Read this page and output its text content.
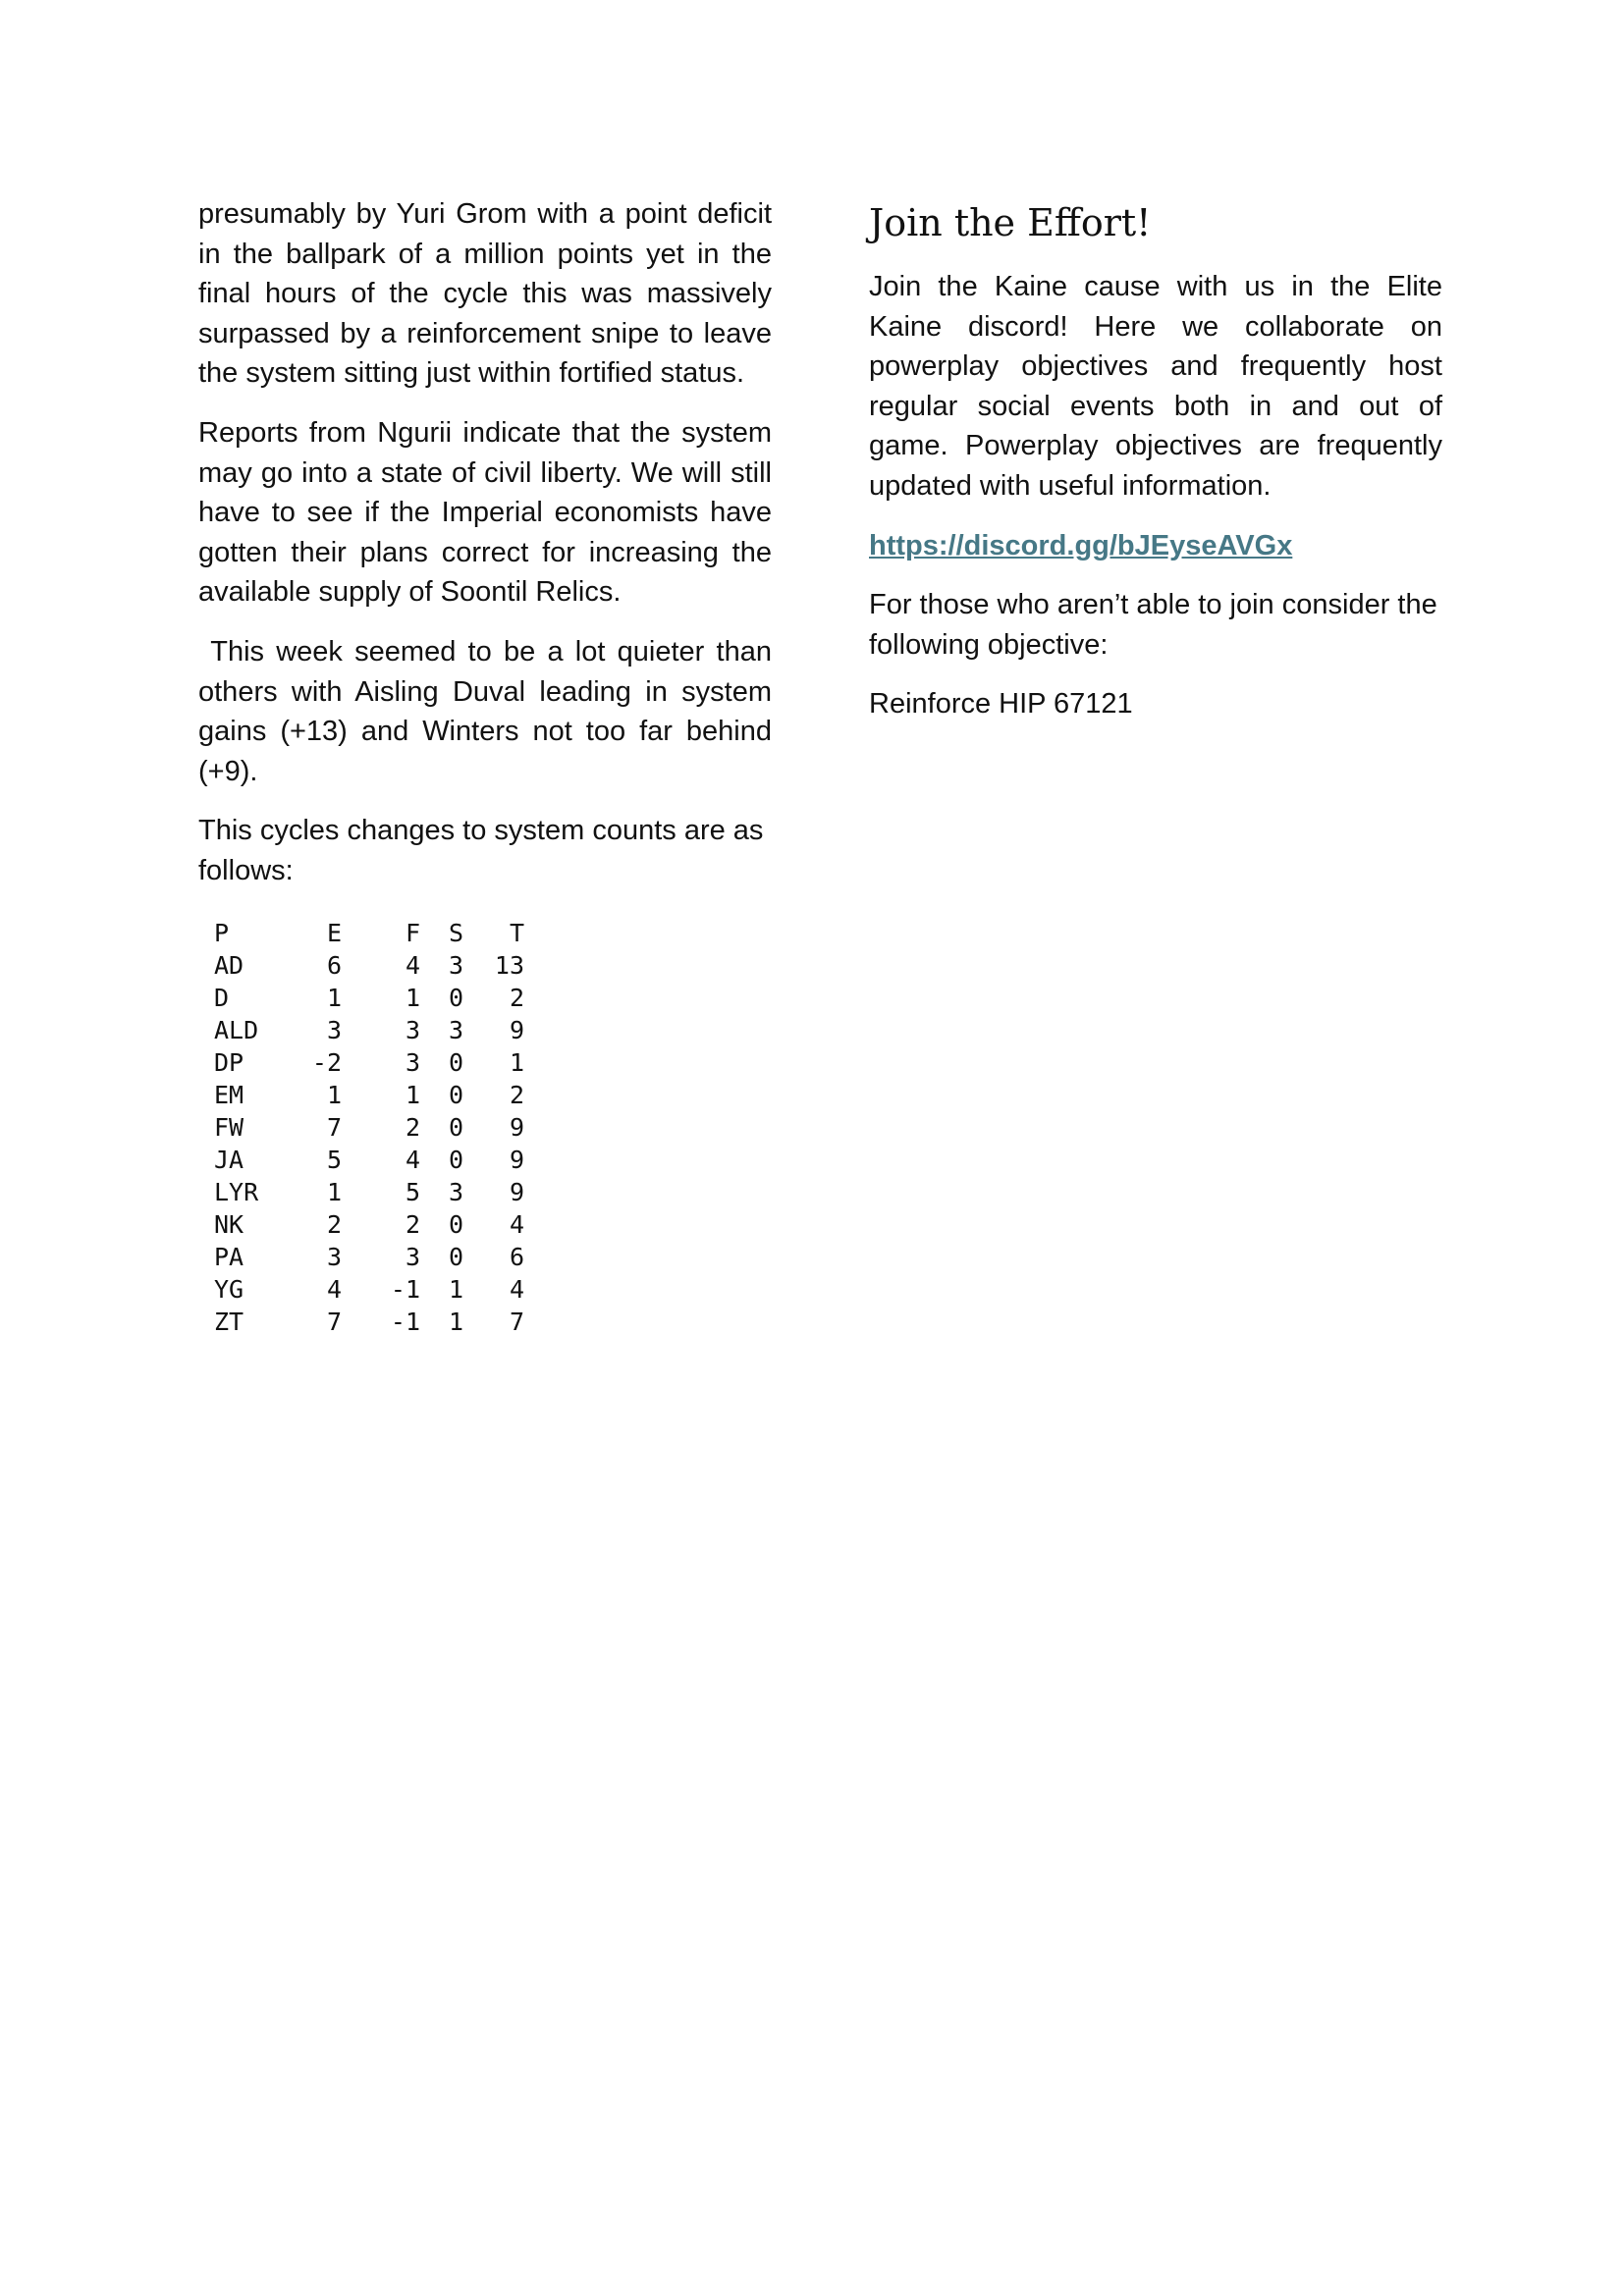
presumably by Yuri Grom with a point deficit in the ballpark of a million points yet in the final hours of the cycle this was massively surpassed by a reinforcement snipe to leave the system sitting just within fortified status.

Reports from Ngurii indicate that the system may go into a state of civil liberty. We will still have to see if the Imperial economists have gotten their plans correct for increasing the available supply of Soontil Relics.

This week seemed to be a lot quieter than others with Aisling Duval leading in system gains (+13) and Winters not too far behind (+9).

This cycles changes to system counts are as follows:

P	E	F	S	T
AD	6	4	3	13
D	1	1	0	2
ALD	3	3	3	9
DP	-2	3	0	1
EM	1	1	0	2
FW	7	2	0	9
JA	5	4	0	9
LYR	1	5	3	9
NK	2	2	0	4
PA	3	3	0	6
YG	4	-1	1	4
ZT	7	-1	1	7
Join the Effort!

Join the Kaine cause with us in the Elite Kaine discord! Here we collaborate on powerplay objectives and frequently host regular social events both in and out of game. Powerplay objectives are frequently updated with useful information.

https://discord.gg/bJEyseAVGx

For those who aren’t able to join consider the following objective:

Reinforce HIP 67121
